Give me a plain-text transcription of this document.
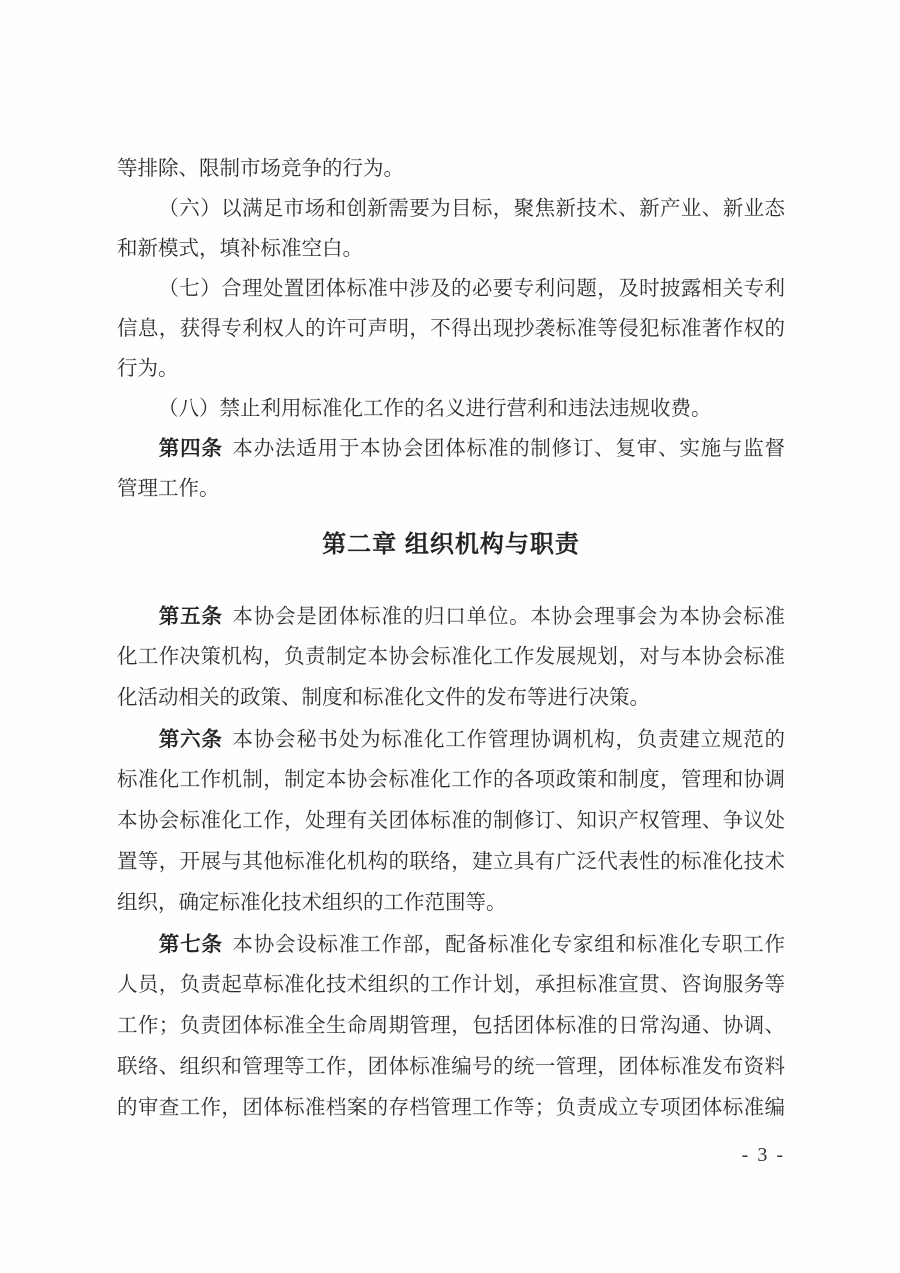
等排除、限制市场竞争的行为。
（六）以满足市场和创新需要为目标，聚焦新技术、新产业、新业态
和新模式，填补标准空白。
（七）合理处置团体标准中涉及的必要专利问题，及时披露相关专利
信息，获得专利权人的许可声明，不得出现抄袭标准等侵犯标准著作权的
行为。
（八）禁止利用标准化工作的名义进行营利和违法违规收费。
第四条 本办法适用于本协会团体标准的制修订、复审、实施与监督
管理工作。
第二章 组织机构与职责
第五条 本协会是团体标准的归口单位。本协会理事会为本协会标准
化工作决策机构，负责制定本协会标准化工作发展规划，对与本协会标准
化活动相关的政策、制度和标准化文件的发布等进行决策。
第六条 本协会秘书处为标准化工作管理协调机构，负责建立规范的
标准化工作机制，制定本协会标准化工作的各项政策和制度，管理和协调
本协会标准化工作，处理有关团体标准的制修订、知识产权管理、争议处
置等，开展与其他标准化机构的联络，建立具有广泛代表性的标准化技术
组织，确定标准化技术组织的工作范围等。
第七条 本协会设标准工作部，配备标准化专家组和标准化专职工作
人员，负责起草标准化技术组织的工作计划，承担标准宣贯、咨询服务等
工作；负责团体标准全生命周期管理，包括团体标准的日常沟通、协调、
联络、组织和管理等工作，团体标准编号的统一管理，团体标准发布资料
的审查工作，团体标准档案的存档管理工作等；负责成立专项团体标准编
- 3 -
